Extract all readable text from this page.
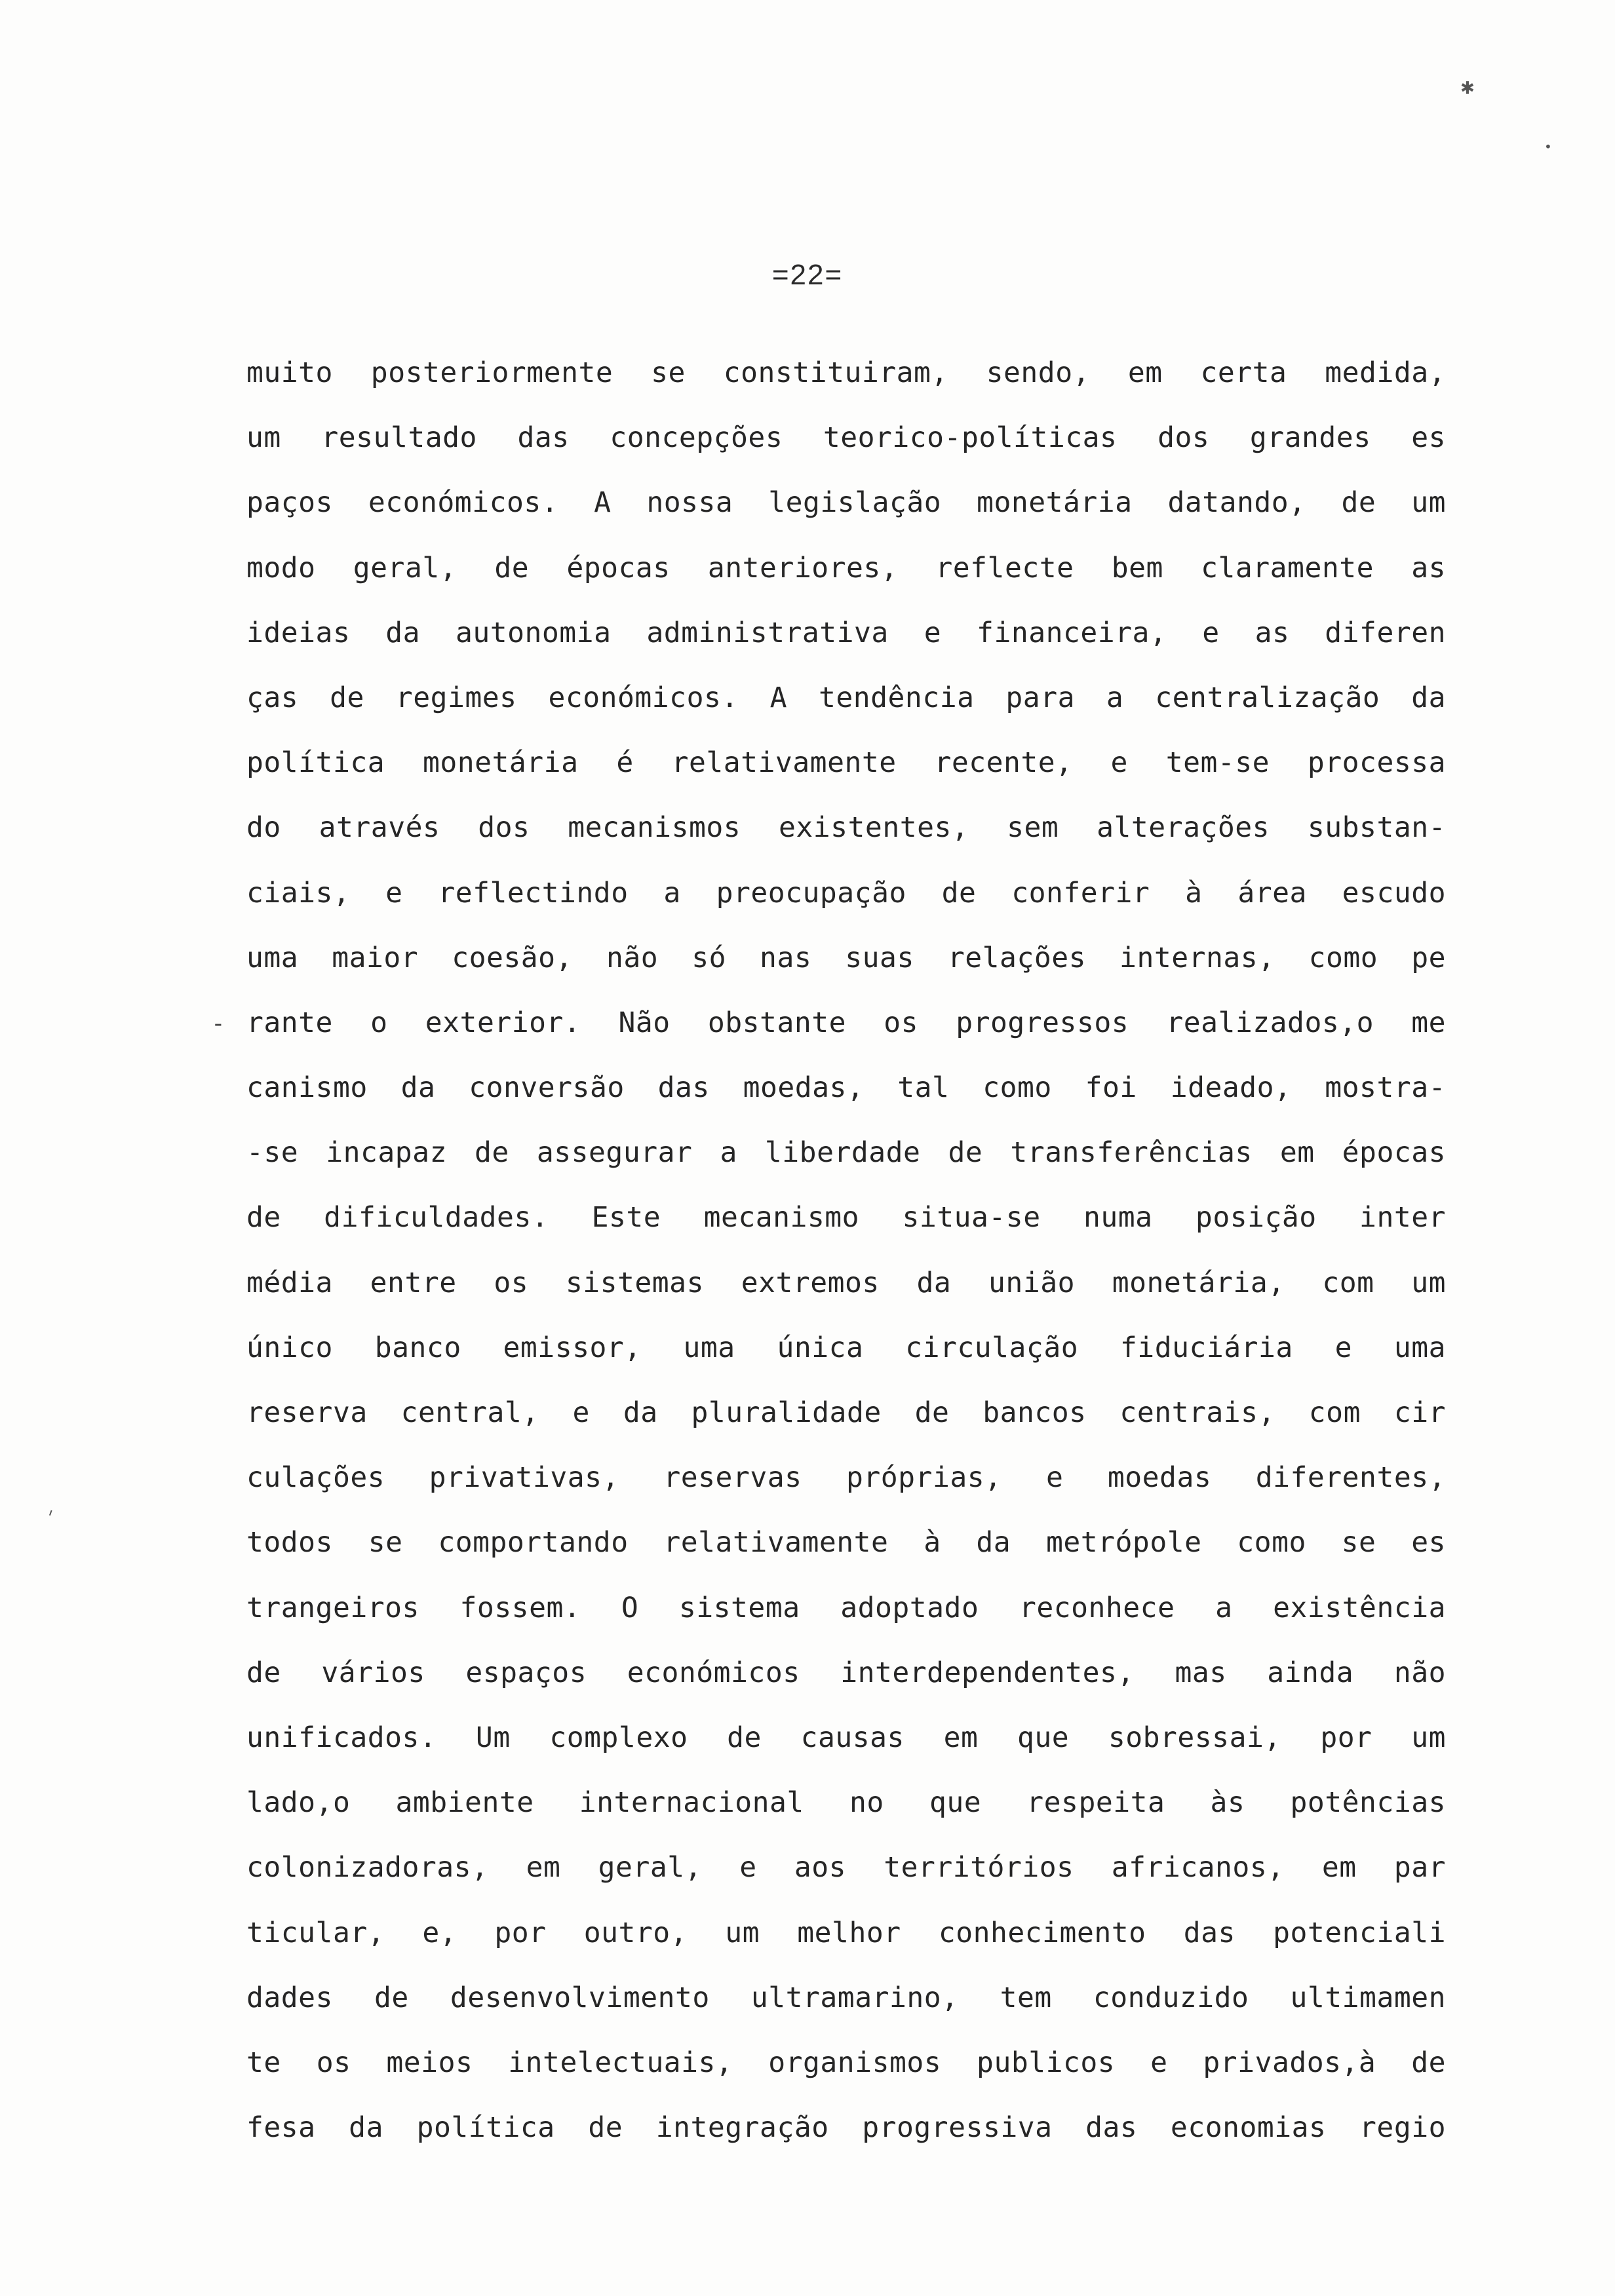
✱
•
ˈ
-
=22=
muito posteriormente se constituiram, sendo, em certa medida,
um resultado das concepções teorico-políticas dos grandes es
paços económicos. A nossa legislação monetária datando, de um
modo geral, de épocas anteriores, reflecte bem claramente as
ideias da autonomia administrativa e financeira, e as diferen
ças de regimes económicos. A tendência para a centralização da
política monetária é relativamente recente, e tem-se processa
do através dos mecanismos existentes, sem alterações substan-
ciais, e reflectindo a preocupação de conferir à área escudo
uma maior coesão, não só nas suas relações internas, como pe
rante o exterior. Não obstante os progressos realizados,o me
canismo da conversão das moedas, tal como foi ideado, mostra-
-se incapaz de assegurar a liberdade de transferências em épocas
de dificuldades. Este mecanismo situa-se numa posição inter
média entre os sistemas extremos da união monetária, com um
único banco emissor, uma única circulação fiduciária e uma
reserva central, e da pluralidade de bancos centrais, com cir
culações privativas, reservas próprias, e moedas diferentes,
todos se comportando relativamente à da metrópole como se es
trangeiros fossem. O sistema adoptado reconhece a existência
de vários espaços económicos interdependentes, mas ainda não
unificados. Um complexo de causas em que sobressai, por um
lado,o ambiente internacional no que respeita às potências
colonizadoras, em geral, e aos territórios africanos, em par
ticular, e, por outro, um melhor conhecimento das potenciali
dades de desenvolvimento ultramarino, tem conduzido ultimamen
te os meios intelectuais, organismos publicos e privados,à de
fesa da política de integração progressiva das economias regio
